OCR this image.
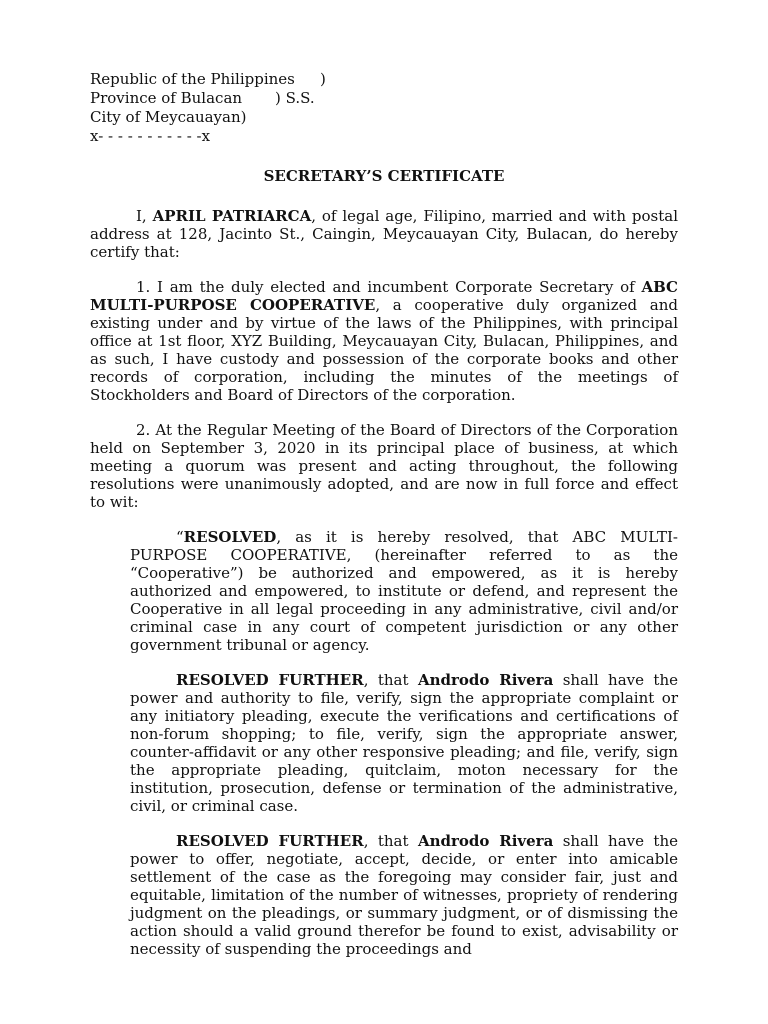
Republic of the Philippines )
Province of Bulacan ) S.S.
City of Meycauayan)
x- - - - - - - - - - -x
SECRETARY’S CERTIFICATE

I, APRIL PATRIARCA, of legal age, Filipino, married and with postal address at 128, Jacinto St., Caingin, Meycauayan City, Bulacan, do hereby certify that:

1. I am the duly elected and incumbent Corporate Secretary of ABC MULTI-PURPOSE COOPERATIVE, a cooperative duly organized and existing under and by virtue of the laws of the Philippines, with principal office at 1st floor, XYZ Building, Meycauayan City, Bulacan, Philippines, and as such, I have custody and possession of the corporate books and other records of corporation, including the minutes of the meetings of Stockholders and Board of Directors of the corporation.

2. At the Regular Meeting of the Board of Directors of the Corporation held on September 3, 2020 in its principal place of business, at which meeting a quorum was present and acting throughout, the following resolutions were unanimously adopted, and are now in full force and effect to wit:

“RESOLVED, as it is hereby resolved, that ABC MULTI-PURPOSE COOPERATIVE, (hereinafter referred to as the “Cooperative”) be authorized and empowered, as it is hereby authorized and empowered, to institute or defend, and represent the Cooperative in all legal proceeding in any administrative, civil and/or criminal case in any court of competent jurisdiction or any other government tribunal or agency.

RESOLVED FURTHER, that Androdo Rivera shall have the power and authority to file, verify, sign the appropriate complaint or any initiatory pleading, execute the verifications and certifications of non-forum shopping; to file, verify, sign the appropriate answer, counter-affidavit or any other responsive pleading; and file, verify, sign the appropriate pleading, quitclaim, moton necessary for the institution, prosecution, defense or termination of the administrative, civil, or criminal case.

RESOLVED FURTHER, that Androdo Rivera shall have the power to offer, negotiate, accept, decide, or enter into amicable settlement of the case as the foregoing may consider fair, just and equitable, limitation of the number of witnesses, propriety of rendering judgment on the pleadings, or summary judgment, or of dismissing the action should a valid ground therefor be found to exist, advisability or necessity of suspending the proceedings and
